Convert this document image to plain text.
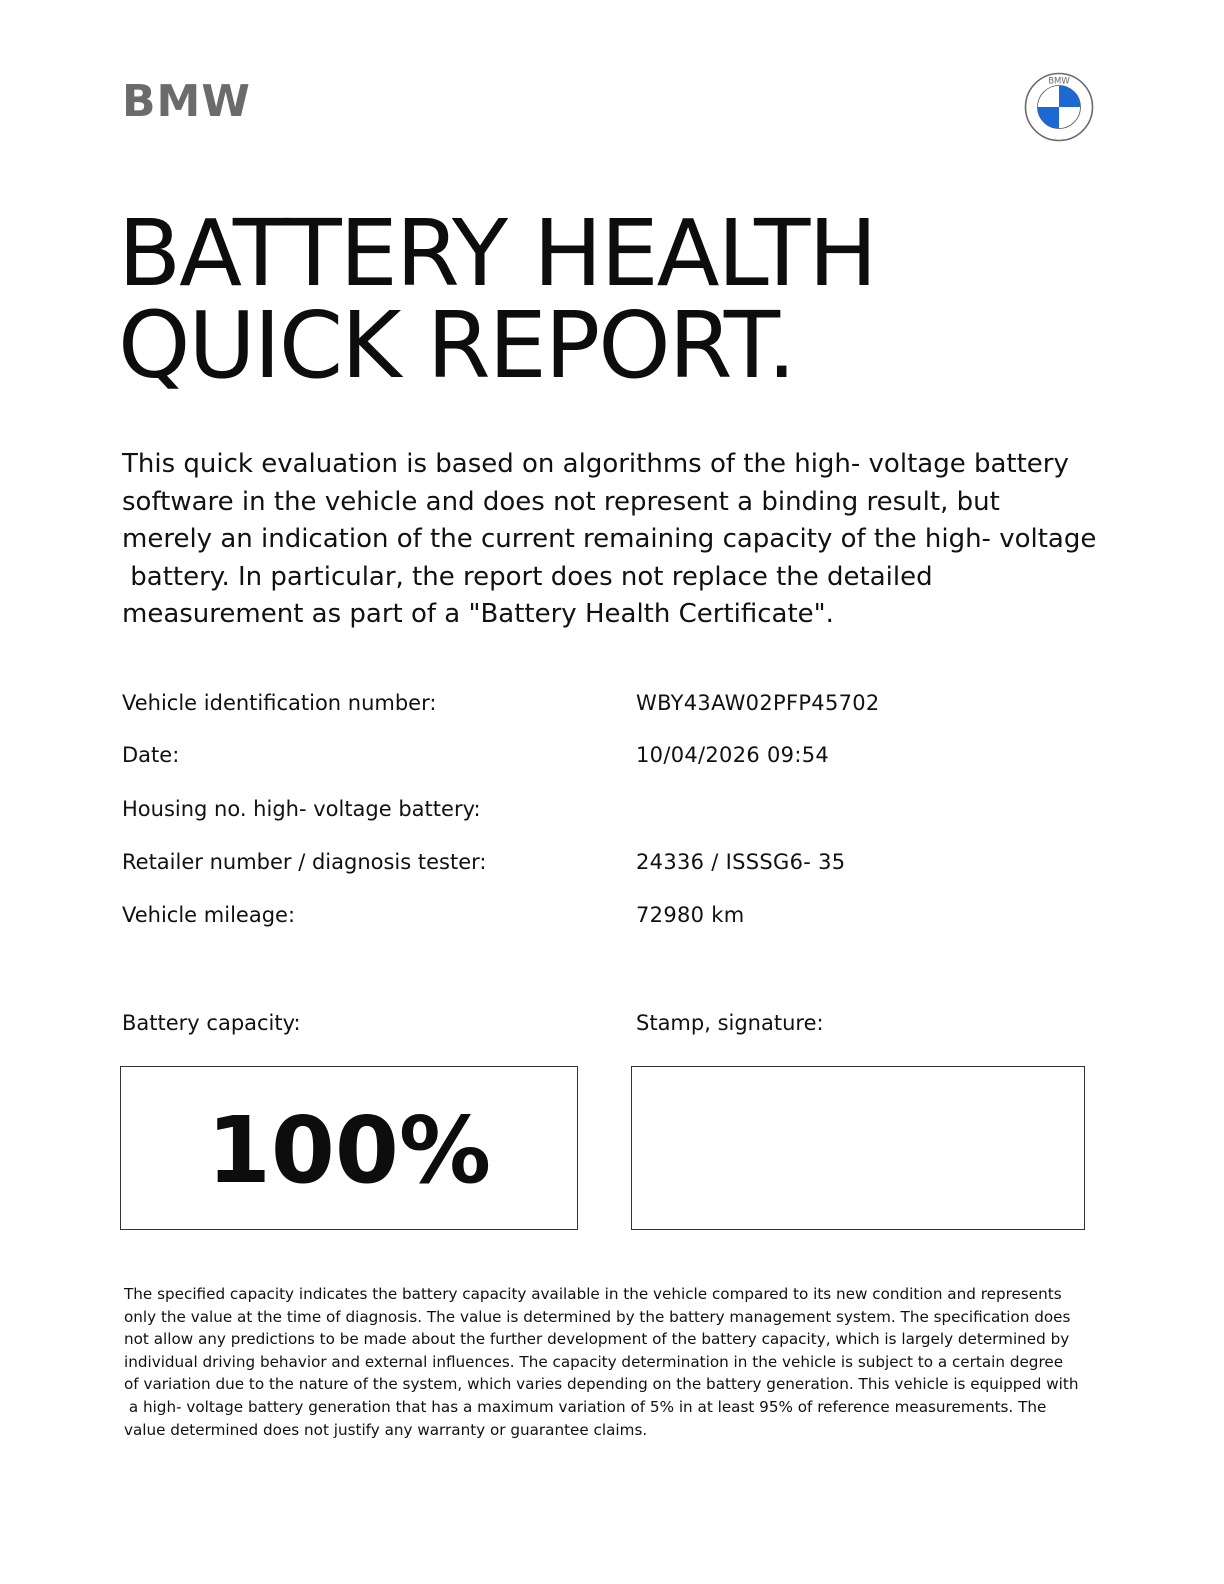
BMW	BMW
BATTERY HEALTH
QUICK REPORT.

This quick evaluation is based on algorithms of the high- voltage battery
software in the vehicle and does not represent a binding result, but
merely an indication of the current remaining capacity of the high- voltage
battery. In particular, the report does not replace the detailed
measurement as part of a "Battery Health Certificate".

Vehicle identification number:	WBY43AW02PFP45702
Date:	10/04/2026 09:54
Housing no. high- voltage battery:
Retailer number / diagnosis tester:	24336 / ISSSG6- 35
Vehicle mileage:	72980 km
Battery capacity:	Stamp, signature:
100%
The specified capacity indicates the battery capacity available in the vehicle compared to its new condition and represents
only the value at the time of diagnosis. The value is determined by the battery management system. The specification does
not allow any predictions to be made about the further development of the battery capacity, which is largely determined by
individual driving behavior and external influences. The capacity determination in the vehicle is subject to a certain degree
of variation due to the nature of the system, which varies depending on the battery generation. This vehicle is equipped with
a high- voltage battery generation that has a maximum variation of 5% in at least 95% of reference measurements. The
value determined does not justify any warranty or guarantee claims.
